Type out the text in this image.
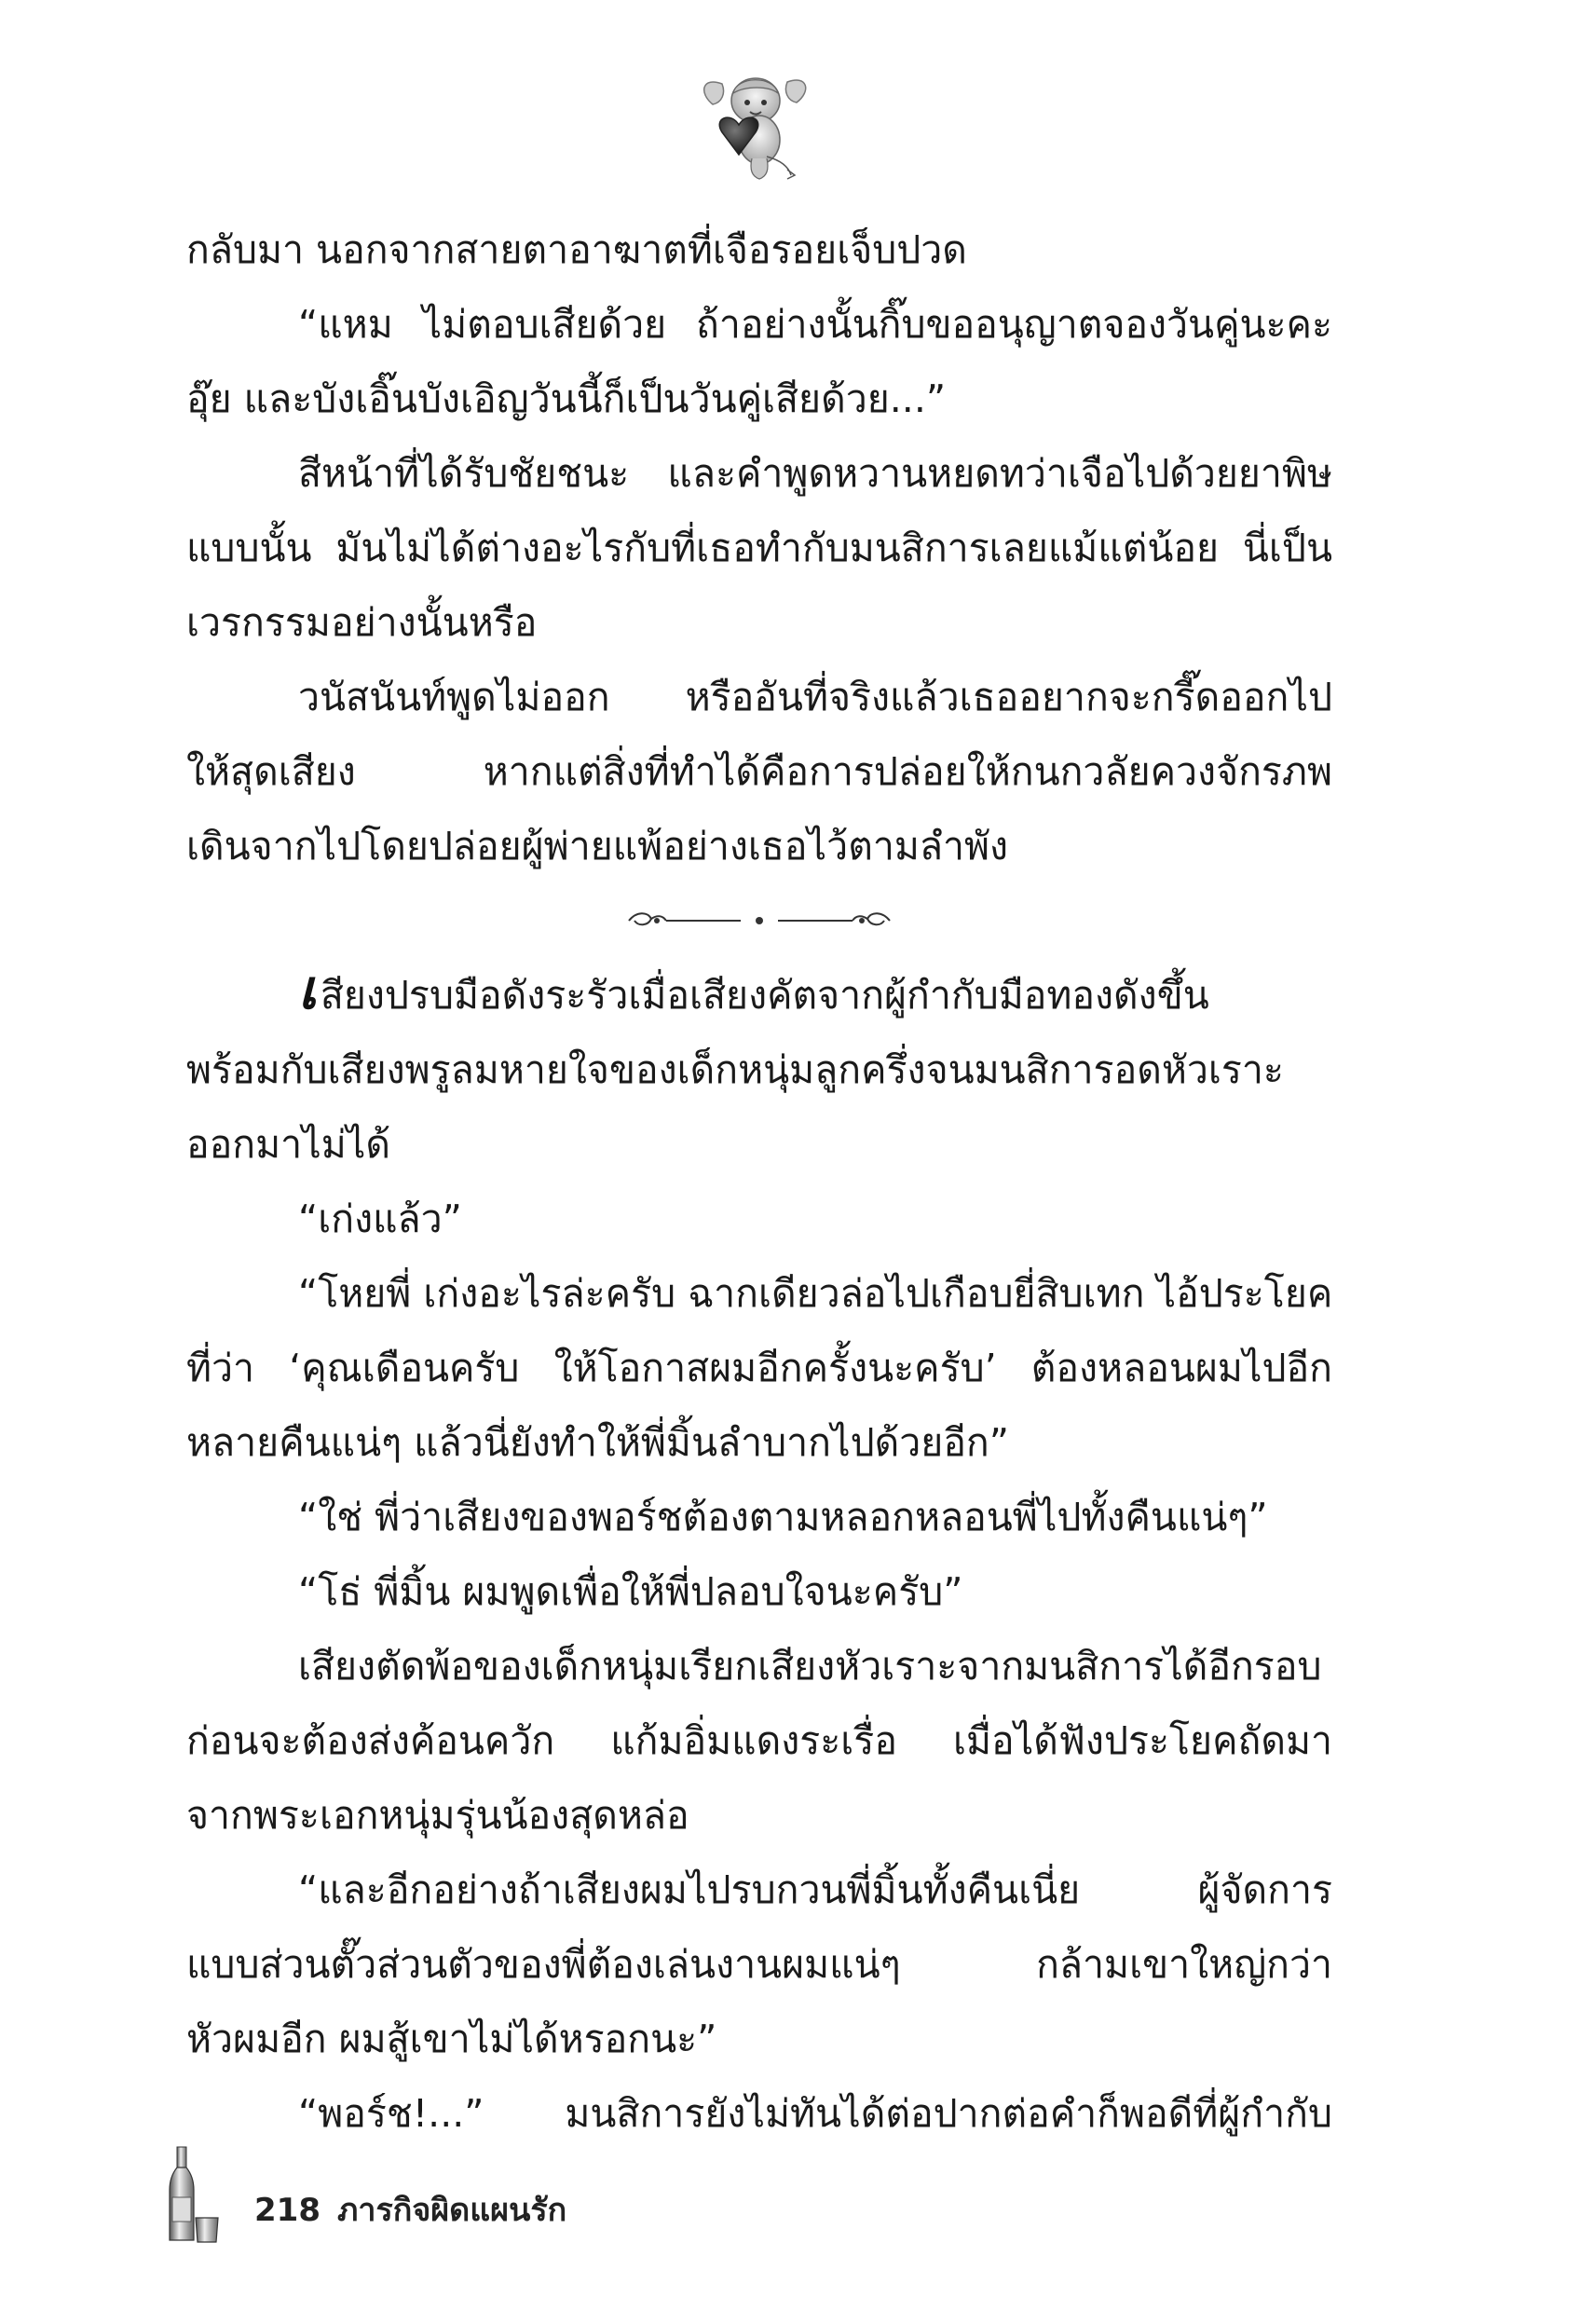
กลับมา นอกจากสายตาอาฆาตที่เจือรอยเจ็บปวด
“แหม ไม่ตอบเสียด้วย ถ้าอย่างนั้นกิ๊บขออนุญาตจองวันคู่นะคะ
อุ๊ย และบังเอิ๊นบังเอิญวันนี้ก็เป็นวันคู่เสียด้วย...”
สีหน้าที่ได้รับชัยชนะ และคำพูดหวานหยดทว่าเจือไปด้วยยาพิษ
แบบนั้น มันไม่ได้ต่างอะไรกับที่เธอทำกับมนสิการเลยแม้แต่น้อย นี่เป็น
เวรกรรมอย่างนั้นหรือ
วนัสนันท์พูดไม่ออก หรืออันที่จริงแล้วเธออยากจะกรี๊ดออกไป
ให้สุดเสียง หากแต่สิ่งที่ทำได้คือการปล่อยให้กนกวลัยควงจักรภพ
เดินจากไปโดยปล่อยผู้พ่ายแพ้อย่างเธอไว้ตามลำพัง
เสียงปรบมือดังระรัวเมื่อเสียงคัตจากผู้กำกับมือทองดังขึ้น
พร้อมกับเสียงพรูลมหายใจของเด็กหนุ่มลูกครึ่งจนมนสิการอดหัวเราะ
ออกมาไม่ได้
“เก่งแล้ว”
“โหยพี่ เก่งอะไรล่ะครับ ฉากเดียวล่อไปเกือบยี่สิบเทก ไอ้ประโยค
ที่ว่า ‘คุณเดือนครับ ให้โอกาสผมอีกครั้งนะครับ’ ต้องหลอนผมไปอีก
หลายคืนแน่ๆ แล้วนี่ยังทำให้พี่มิ้นลำบากไปด้วยอีก”
“ใช่ พี่ว่าเสียงของพอร์ชต้องตามหลอกหลอนพี่ไปทั้งคืนแน่ๆ”
“โธ่ พี่มิ้น ผมพูดเพื่อให้พี่ปลอบใจนะครับ”
เสียงตัดพ้อของเด็กหนุ่มเรียกเสียงหัวเราะจากมนสิการได้อีกรอบ
ก่อนจะต้องส่งค้อนควัก แก้มอิ่มแดงระเรื่อ เมื่อได้ฟังประโยคถัดมา
จากพระเอกหนุ่มรุ่นน้องสุดหล่อ
“และอีกอย่างถ้าเสียงผมไปรบกวนพี่มิ้นทั้งคืนเนี่ย ผู้จัดการ
แบบส่วนตั๊วส่วนตัวของพี่ต้องเล่นงานผมแน่ๆ กล้ามเขาใหญ่กว่า
หัวผมอีก ผมสู้เขาไม่ได้หรอกนะ”
“พอร์ช!...” มนสิการยังไม่ทันได้ต่อปากต่อคำก็พอดีที่ผู้กำกับ
218 ภารกิจผิดแผนรัก
